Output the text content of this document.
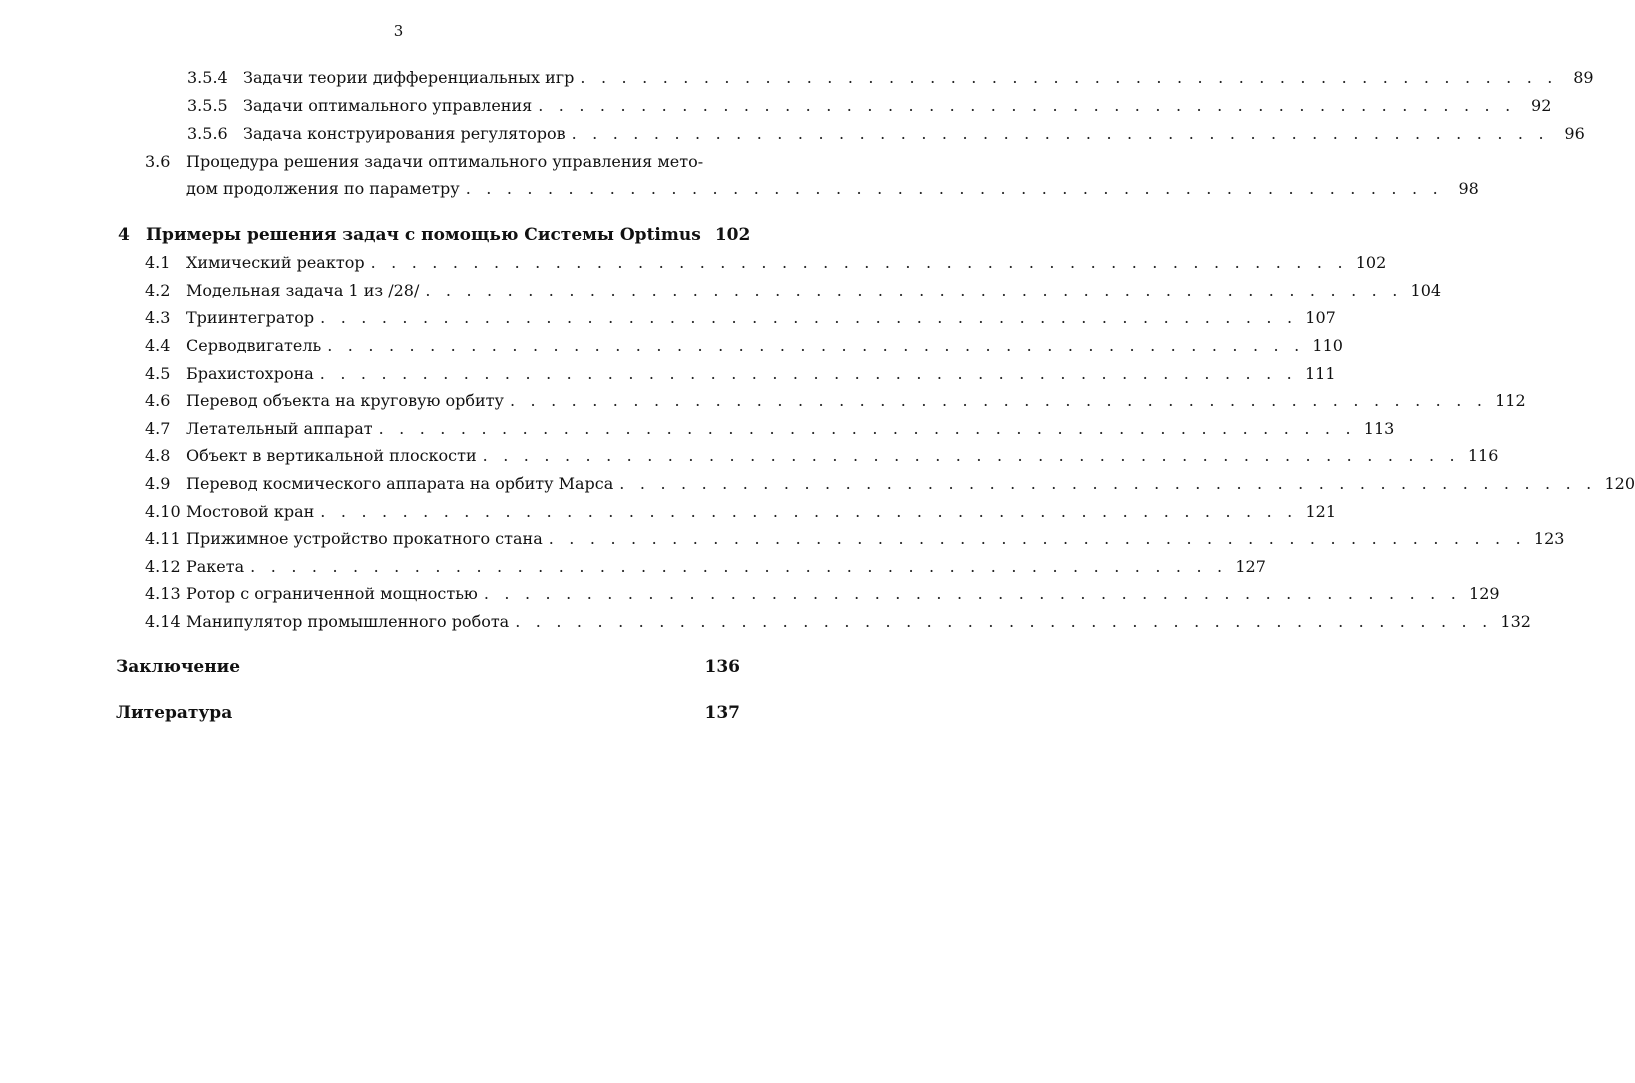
3
3.5.4 Задачи теории дифференциальных игр . . . . . . . . . . . . . . . . . . . . . . . . . . . . . . . . . . . . . . . . . . . . . . . . 89
3.5.5 Задачи оптимального управления . . . . . . . . . . . . . . . . . . . . . . . . . . . . . . . . . . . . . . . . . . . . . . . . 92
3.5.6 Задача конструирования регуляторов . . . . . . . . . . . . . . . . . . . . . . . . . . . . . . . . . . . . . . . . . . . . . . . . 96
3.6 Процедура решения задачи оптимального управления мето-
дом продолжения по параметру . . . . . . . . . . . . . . . . . . . . . . . . . . . . . . . . . . . . . . . . . . . . . . . . 98
4 Примеры решения задач с помощью Системы Optimus 102
4.1 Химический реактор . . . . . . . . . . . . . . . . . . . . . . . . . . . . . . . . . . . . . . . . . . . . . . . . 102
4.2 Модельная задача 1 из /28/ . . . . . . . . . . . . . . . . . . . . . . . . . . . . . . . . . . . . . . . . . . . . . . . . 104
4.3 Триинтегратор . . . . . . . . . . . . . . . . . . . . . . . . . . . . . . . . . . . . . . . . . . . . . . . . 107
4.4 Серводвигатель . . . . . . . . . . . . . . . . . . . . . . . . . . . . . . . . . . . . . . . . . . . . . . . . 110
4.5 Брахистохрона . . . . . . . . . . . . . . . . . . . . . . . . . . . . . . . . . . . . . . . . . . . . . . . . 111
4.6 Перевод объекта на круговую орбиту . . . . . . . . . . . . . . . . . . . . . . . . . . . . . . . . . . . . . . . . . . . . . . . . 112
4.7 Летательный аппарат . . . . . . . . . . . . . . . . . . . . . . . . . . . . . . . . . . . . . . . . . . . . . . . . 113
4.8 Объект в вертикальной плоскости . . . . . . . . . . . . . . . . . . . . . . . . . . . . . . . . . . . . . . . . . . . . . . . . 116
4.9 Перевод космического аппарата на орбиту Марса . . . . . . . . . . . . . . . . . . . . . . . . . . . . . . . . . . . . . . . . . . . . . . . . 120
4.10 Мостовой кран . . . . . . . . . . . . . . . . . . . . . . . . . . . . . . . . . . . . . . . . . . . . . . . . 121
4.11 Прижимное устройство прокатного стана . . . . . . . . . . . . . . . . . . . . . . . . . . . . . . . . . . . . . . . . . . . . . . . . 123
4.12 Ракета . . . . . . . . . . . . . . . . . . . . . . . . . . . . . . . . . . . . . . . . . . . . . . . . 127
4.13 Ротор с ограниченной мощностью . . . . . . . . . . . . . . . . . . . . . . . . . . . . . . . . . . . . . . . . . . . . . . . . 129
4.14 Манипулятор промышленного робота . . . . . . . . . . . . . . . . . . . . . . . . . . . . . . . . . . . . . . . . . . . . . . . . 132
Заключение	136
Литература	137
